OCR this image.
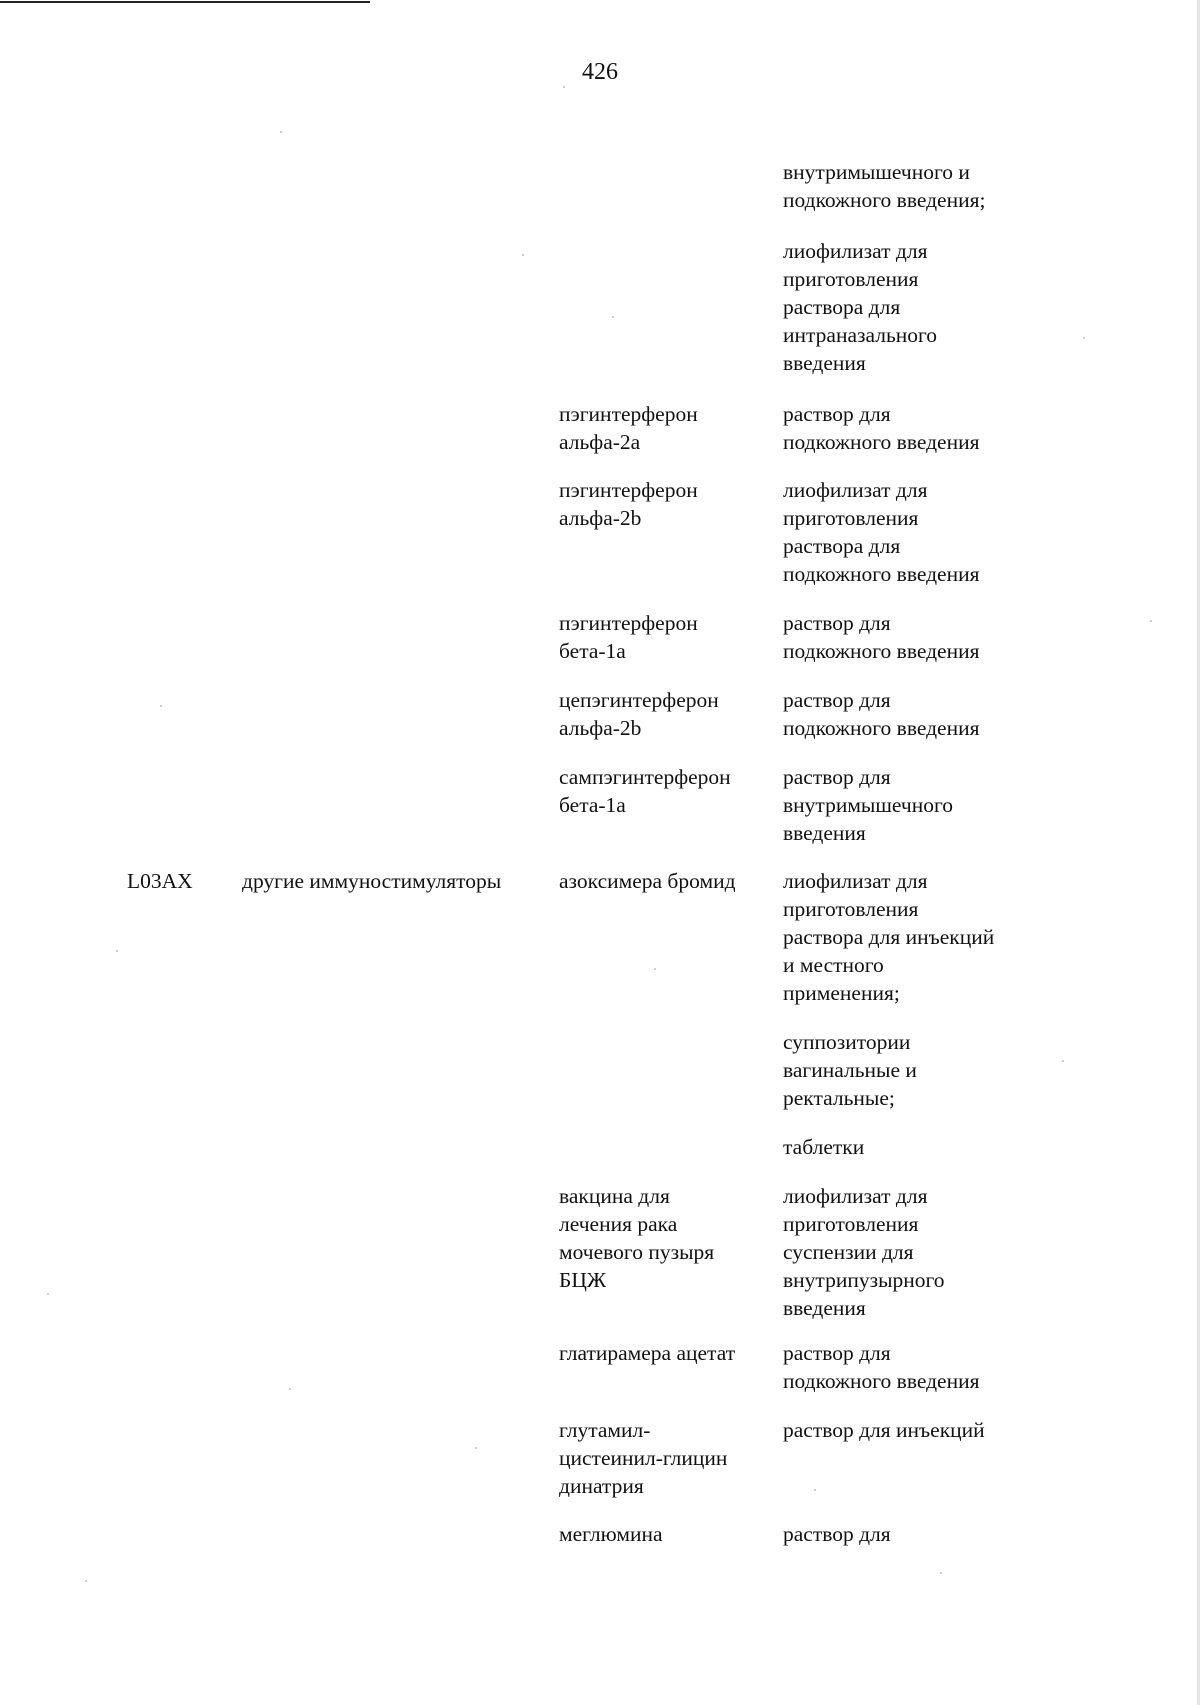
426

внутримышечного и
подкожного введения;

лиофилизат для
приготовления
раствора для
интраназального
введения

пэгинтерферон
альфа-2а

раствор для
подкожного введения

пэгинтерферон
альфа-2b

лиофилизат для
приготовления
раствора для
подкожного введения

пэгинтерферон
бета-1а

раствор для
подкожного введения

цепэгинтерферон
альфа-2b

раствор для
подкожного введения

сампэгинтерферон
бета-1а

раствор для
внутримышечного
введения

L03AX другие иммуностимуляторы	азоксимера бромид лиофилизат для
приготовления
раствора для инъекций
и местного
применения;

суппозитории
вагинальные и
ректальные;

таблетки

вакцина для
лечения рака
мочевого пузыря
БЦЖ

лиофилизат для
приготовления
суспензии для
внутрипузырного
введения

глатирамера ацетат раствор для
подкожного введения

глутамил-
цистеинил-глицин
динатрия

раствор для инъекций

меглюмина	раствор для
